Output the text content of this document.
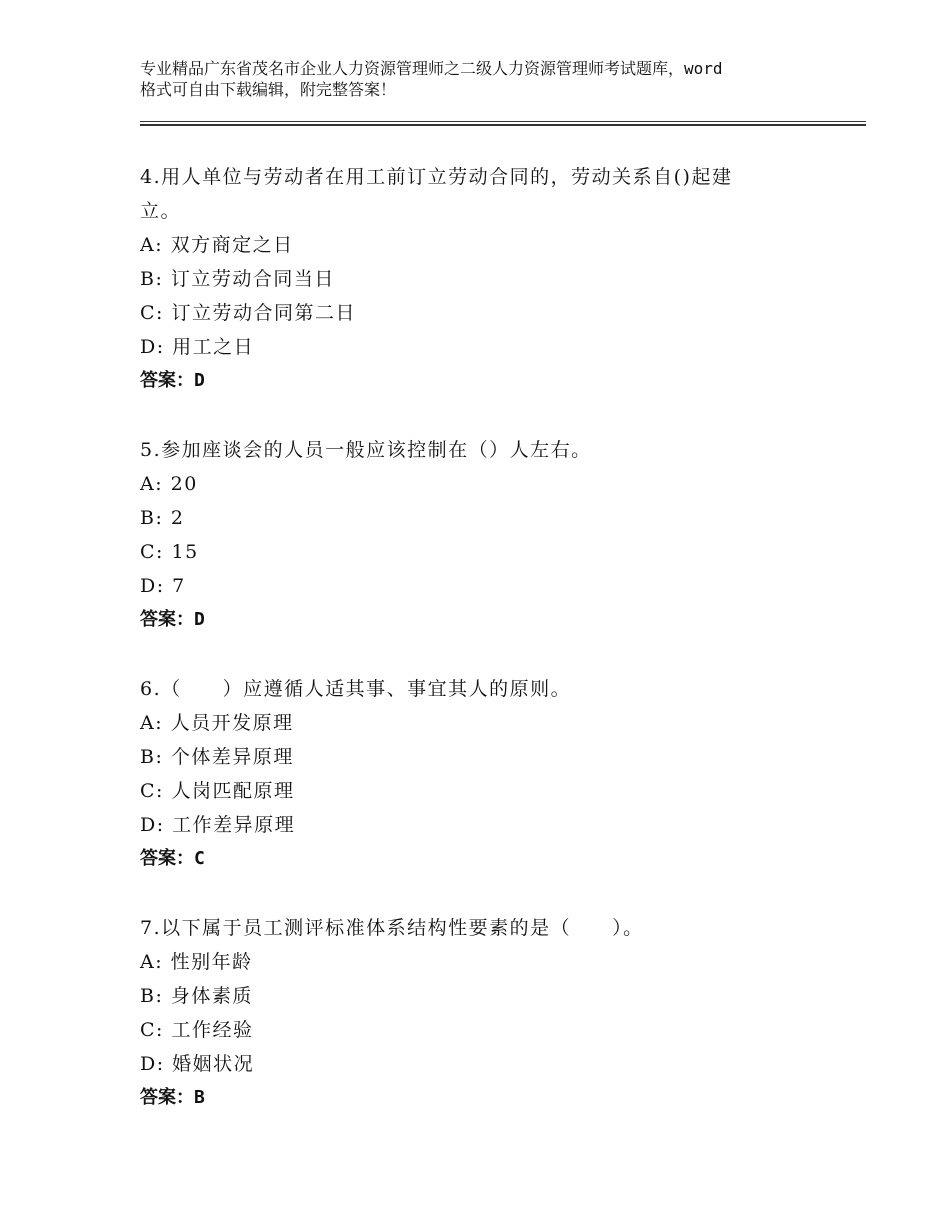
专业精品广东省茂名市企业人力资源管理师之二级人力资源管理师考试题库，word
格式可自由下载编辑，附完整答案！
4.用人单位与劳动者在用工前订立劳动合同的，劳动关系自()起建
立。
A: 双方商定之日
B: 订立劳动合同当日
C: 订立劳动合同第二日
D: 用工之日
答案：D
5.参加座谈会的人员一般应该控制在（）人左右。
A: 20
B: 2
C: 15
D: 7
答案：D
6.（　　）应遵循人适其事、事宜其人的原则。
A: 人员开发原理
B: 个体差异原理
C: 人岗匹配原理
D: 工作差异原理
答案：C
7.以下属于员工测评标准体系结构性要素的是（　　）。
A: 性别年龄
B: 身体素质
C: 工作经验
D: 婚姻状况
答案：B
